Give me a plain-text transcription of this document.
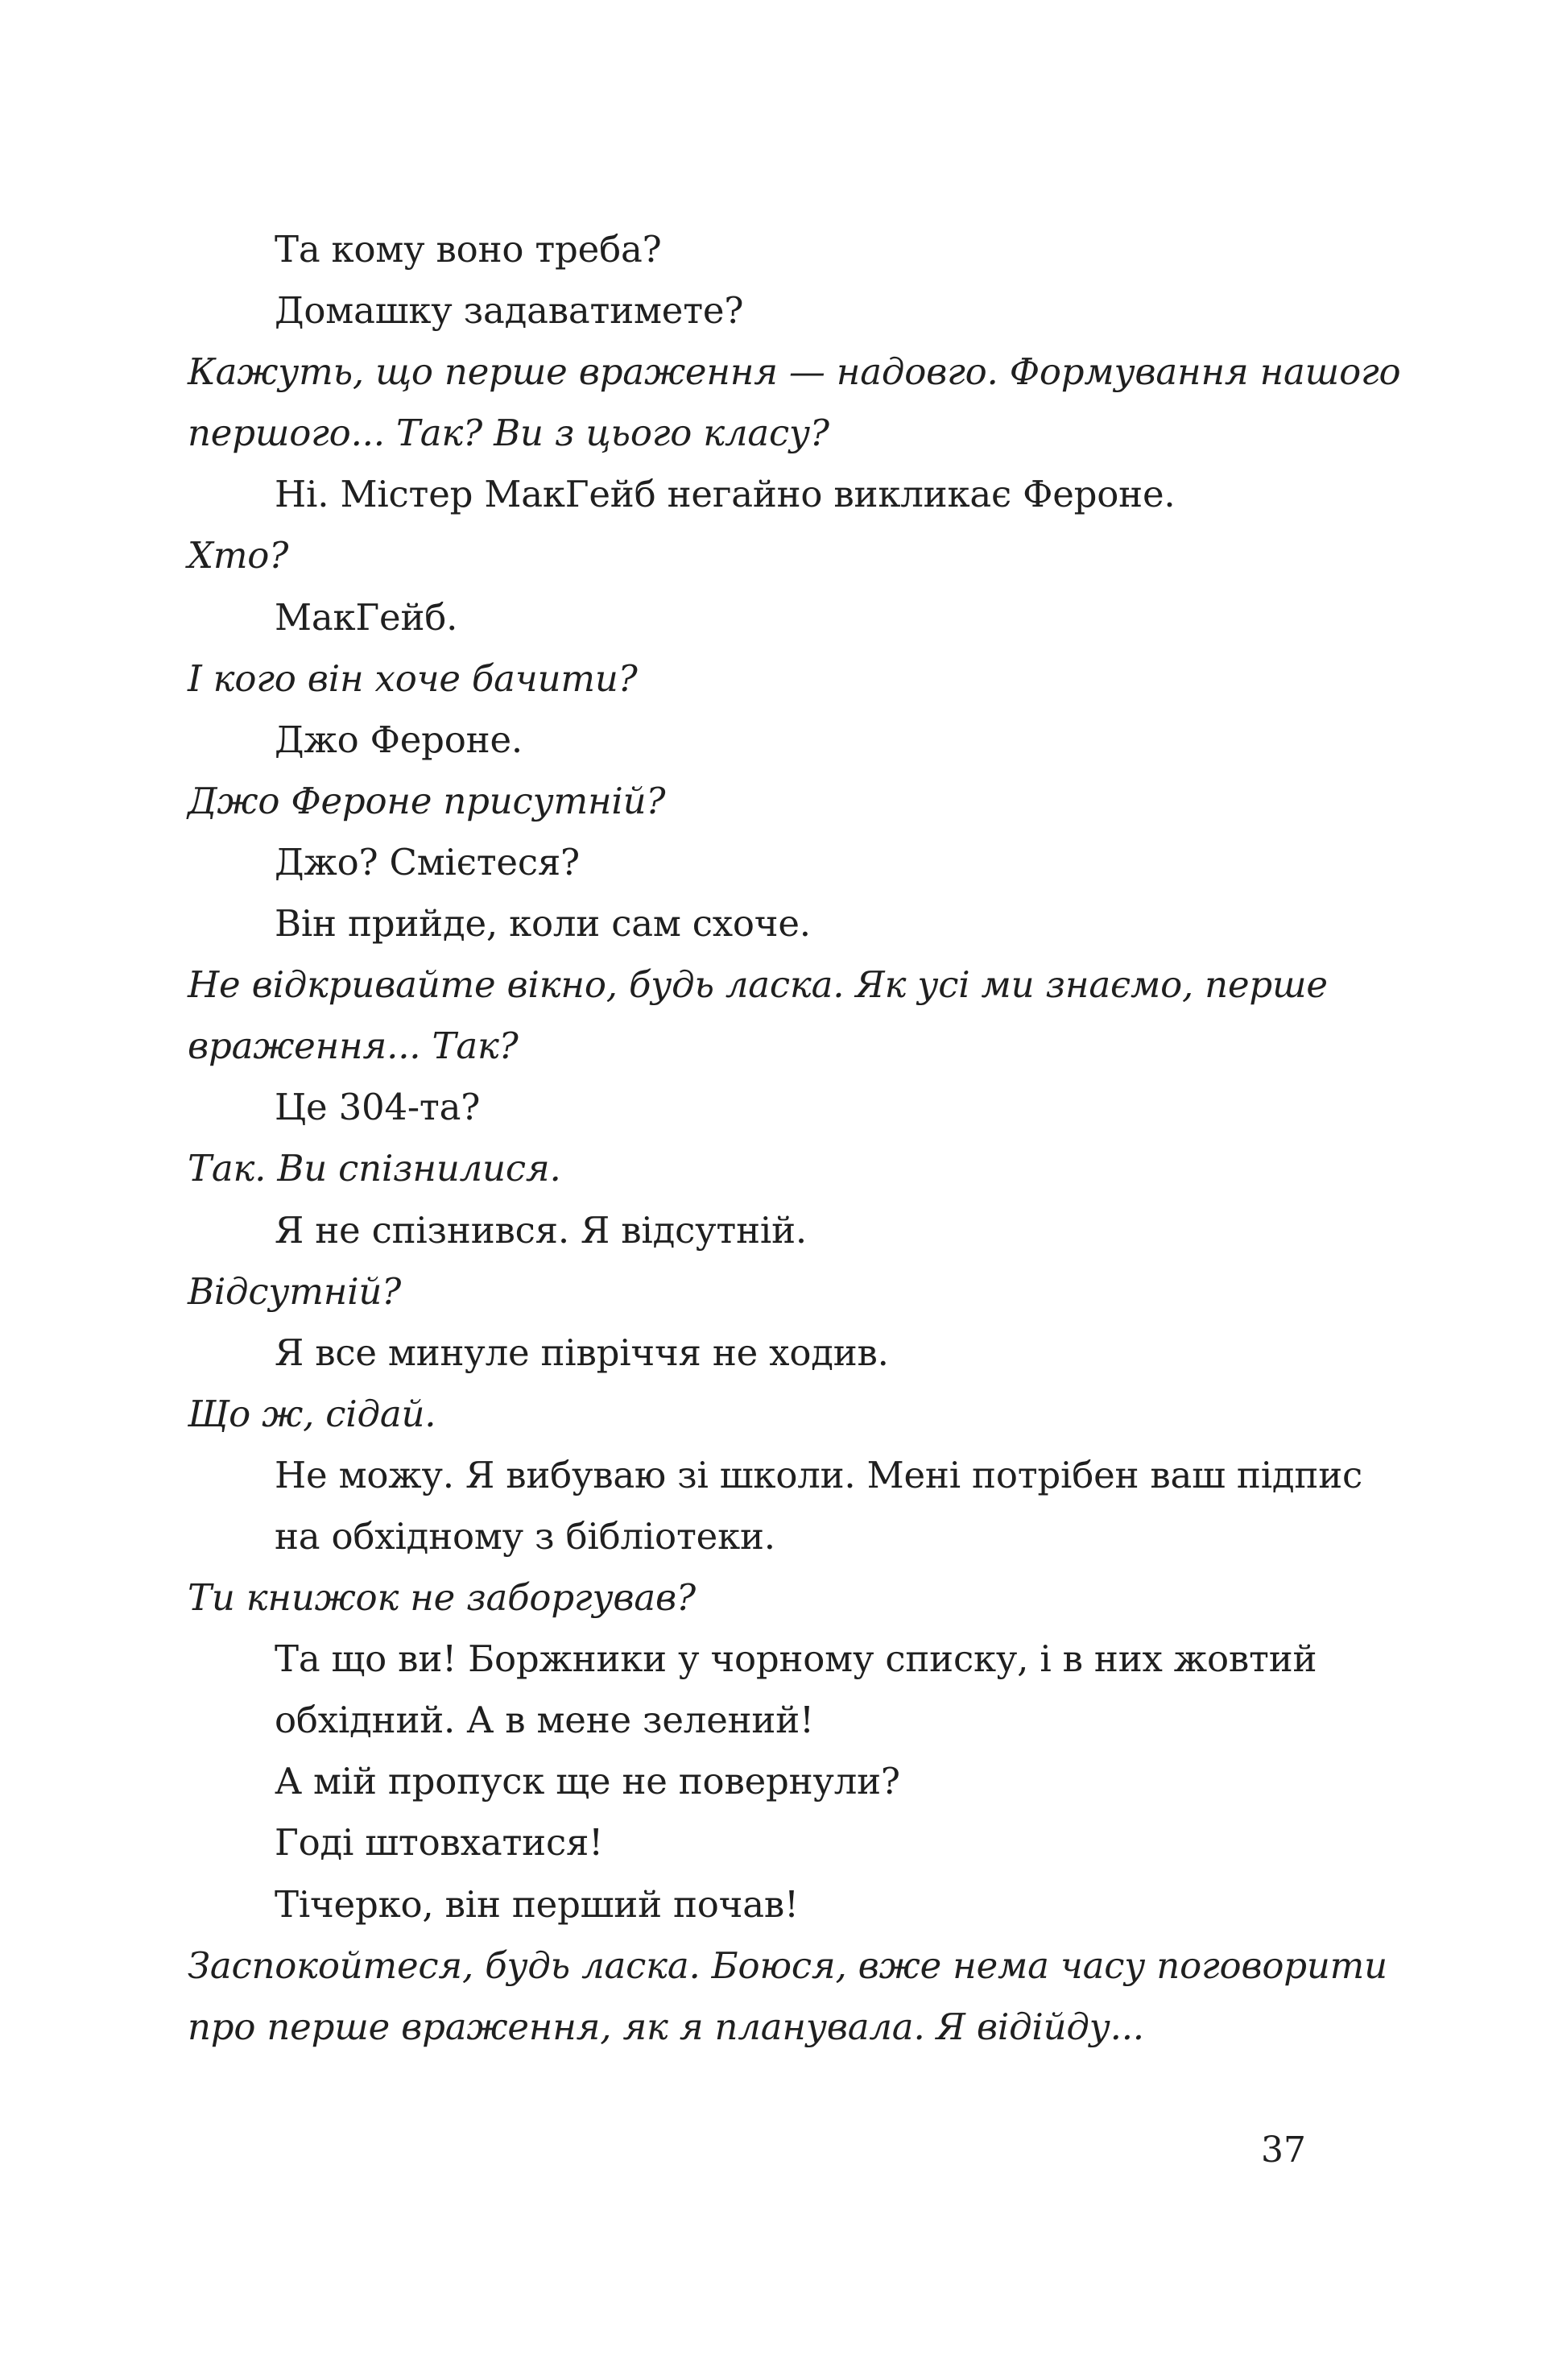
Та кому воно треба?
Домашку задаватимете?
Кажуть, що перше враження — надовго. Формування нашого
першого... Так? Ви з цього класу?
Ні. Містер МакГейб негайно викликає Фероне.
Хто?
МакГейб.
І кого він хоче бачити?
Джо Фероне.
Джо Фероне присутній?
Джо? Смієтеся?
Він прийде, коли сам схоче.
Не відкривайте вікно, будь ласка. Як усі ми знаємо, перше
враження... Так?
Це 304-та?
Так. Ви спізнилися.
Я не спізнився. Я відсутній.
Відсутній?
Я все минуле півріччя не ходив.
Що ж, сідай.
Не можу. Я вибуваю зі школи. Мені потрібен ваш підпис
на обхідному з бібліотеки.
Ти книжок не заборгував?
Та що ви! Боржники у чорному списку, і в них жовтий
обхідний. А в мене зелений!
А мій пропуск ще не повернули?
Годі штовхатися!
Тічерко, він перший почав!
Заспокойтеся, будь ласка. Боюся, вже нема часу поговорити
про перше враження, як я планувала. Я відійду...
37
